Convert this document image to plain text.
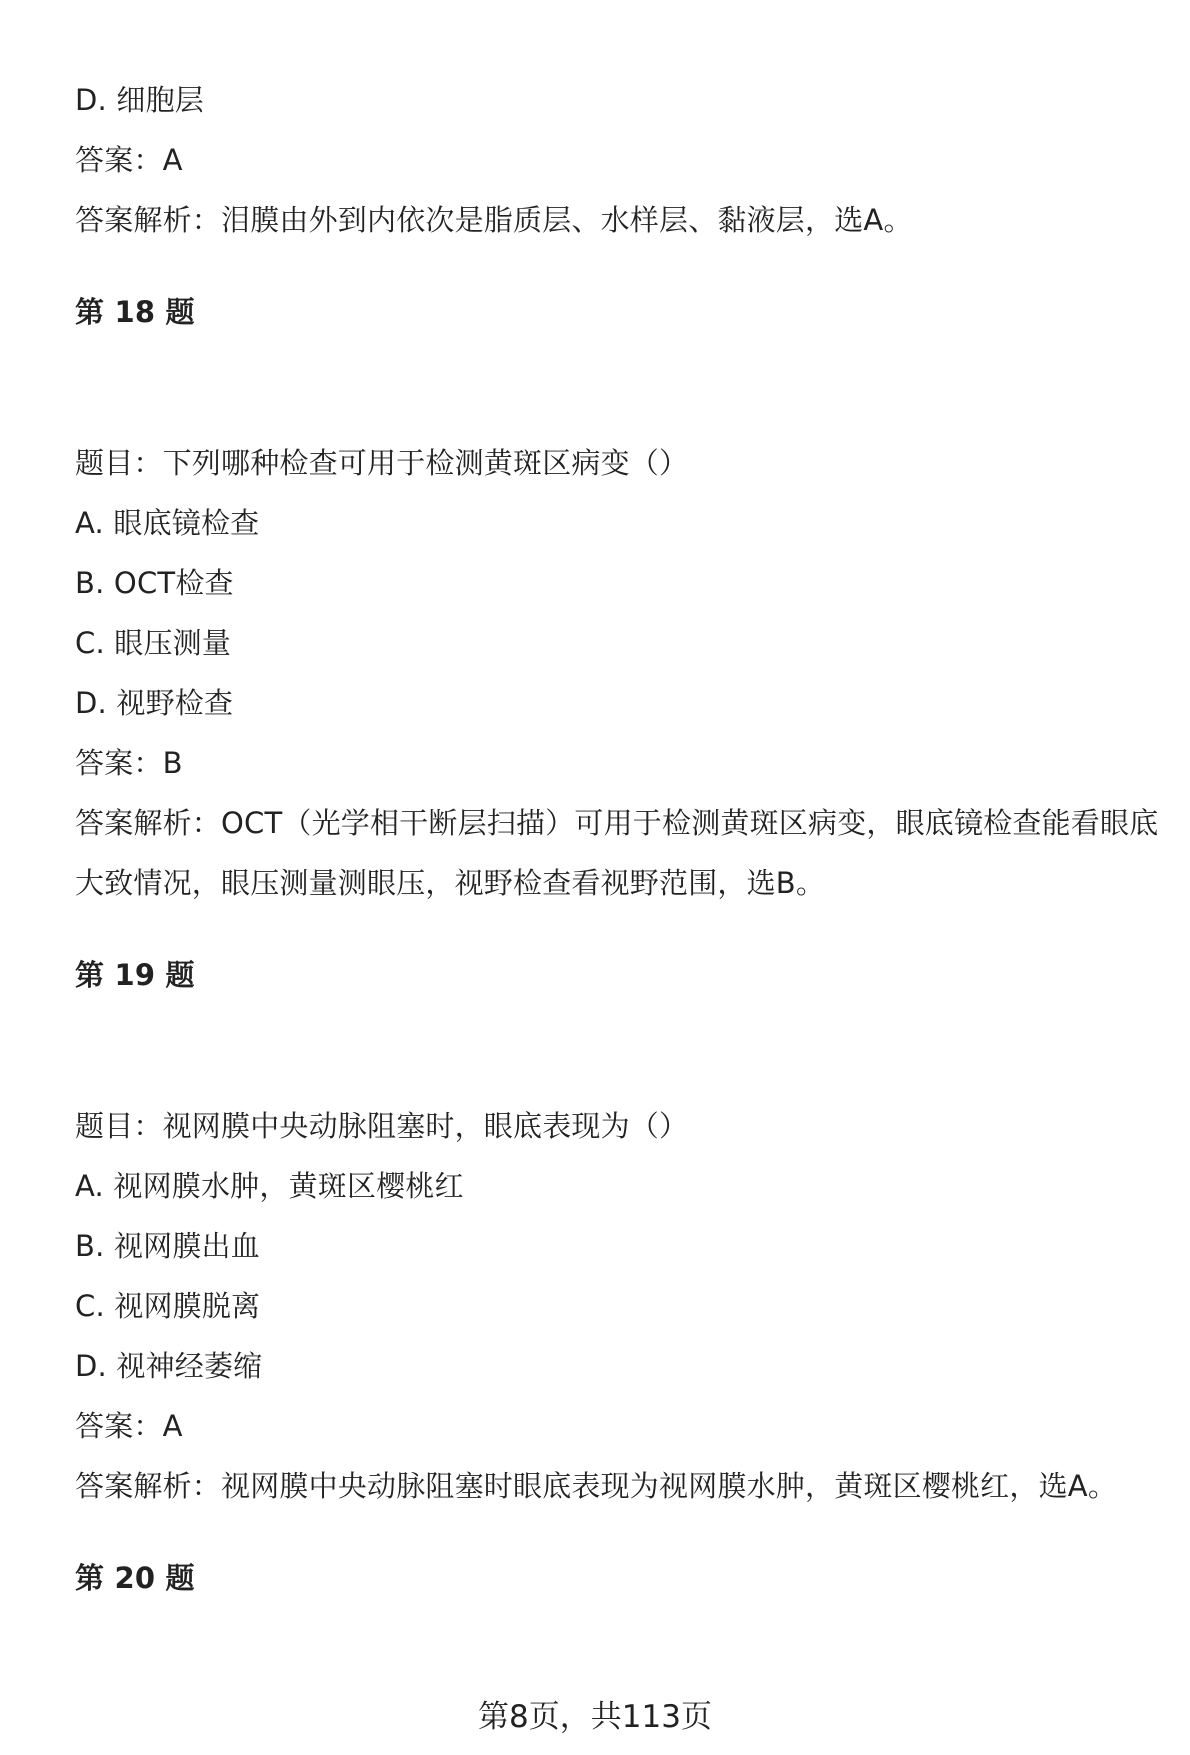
D. 细胞层
答案：A
答案解析：泪膜由外到内依次是脂质层、水样层、黏液层，选A。
第 18 题
题目：下列哪种检查可用于检测黄斑区病变（）
A. 眼底镜检查
B. OCT检查
C. 眼压测量
D. 视野检查
答案：B
答案解析：OCT（光学相干断层扫描）可用于检测黄斑区病变，眼底镜检查能看眼底大致情况，眼压测量测眼压，视野检查看视野范围，选B。
第 19 题
题目：视网膜中央动脉阻塞时，眼底表现为（）
A. 视网膜水肿，黄斑区樱桃红
B. 视网膜出血
C. 视网膜脱离
D. 视神经萎缩
答案：A
答案解析：视网膜中央动脉阻塞时眼底表现为视网膜水肿，黄斑区樱桃红，选A。
第 20 题
第8页，共113页
